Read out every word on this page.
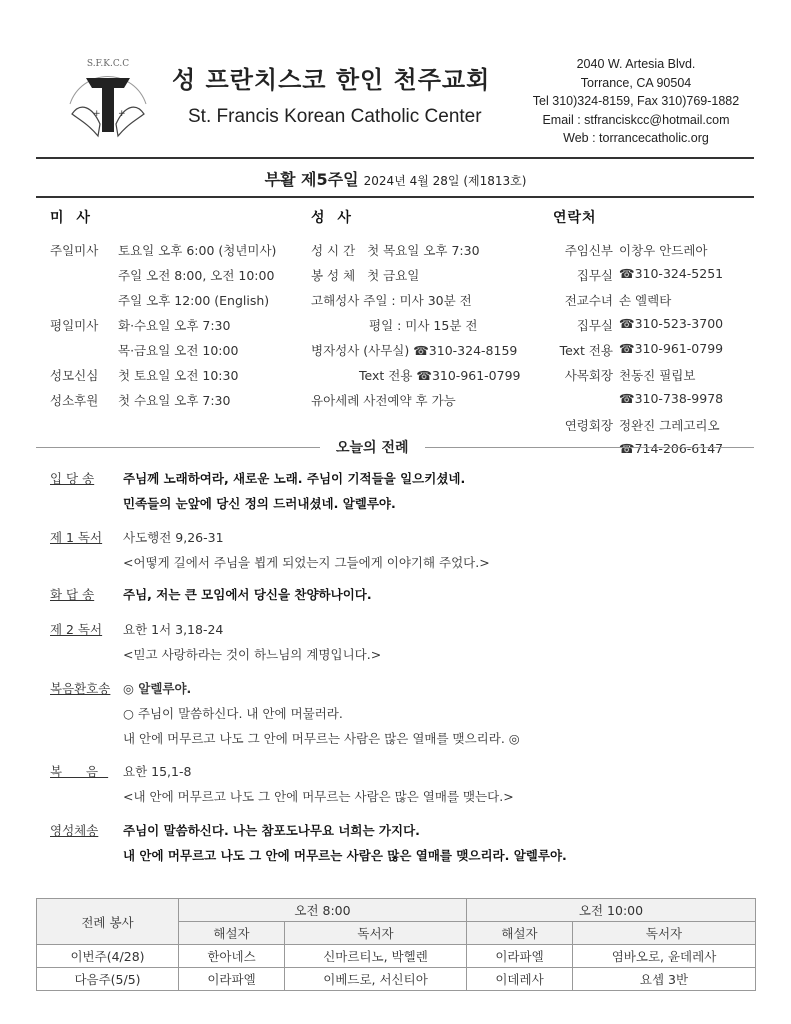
S.F.K.C.C
+ +
성 프란치스코 한인 천주교회
St. Francis Korean Catholic Center
2040 W. Artesia Blvd.
Torrance, CA 90504
Tel 310)324-8159, Fax 310)769-1882
Email : stfranciskcc@hotmail.com
Web : torrancecatholic.org
부활 제5주일 2024년 4월 28일 (제1813호)
미 사
주일미사	토요일 오후 6:00 (청년미사)
주일 오전 8:00, 오전 10:00
주일 오후 12:00 (English)
평일미사	화·수요일 오후 7:30
목·금요일 오전 10:00
성모신심	첫 토요일 오전 10:30
성소후원	첫 수요일 오후 7:30
성 사
성 시 간   첫 목요일 오후 7:30
봉 성 체   첫 금요일
고해성사 주일 : 미사 30분 전
평일 : 미사 15분 전
병자성사 (사무실) ☎310-324-8159
Text 전용 ☎310-961-0799
유아세례 사전예약 후 가능
연락처
주임신부 이창우 안드레아
집무실 ☎310-324-5251
전교수녀 손 엘렉타
집무실 ☎310-523-3700
Text 전용 ☎310-961-0799
사목회장 천동진 필립보
☎310-738-9978
연령회장 정완진 그레고리오
☎714-206-6147
오늘의 전례
입 당 송	주님께 노래하여라, 새로운 노래. 주님이 기적들을 일으키셨네.
민족들의 눈앞에 당신 정의 드러내셨네. 알렐루야.
제 1 독서	사도행전 9,26-31
<어떻게 길에서 주님을 뵙게 되었는지 그들에게 이야기해 주었다.>
화 답 송	주님, 저는 큰 모임에서 당신을 찬양하나이다.
제 2 독서	요한 1서 3,18-24
<믿고 사랑하라는 것이 하느님의 계명입니다.>
복음환호송 ◎ 알렐루야.
○ 주님이 말씀하신다. 내 안에 머물러라.
내 안에 머무르고 나도 그 안에 머무르는 사람은 많은 열매를 맺으리라. ◎
복 음 요한 15,1-8
<내 안에 머무르고 나도 그 안에 머무르는 사람은 많은 열매를 맺는다.>
영성체송	주님이 말씀하신다. 나는 참포도나무요 너희는 가지다.
내 안에 머무르고 나도 그 안에 머무르는 사람은 많은 열매를 맺으리라. 알렐루야.
전례 봉사	오전 8:00		오전 10:00	
	해설자	독서자	해설자	독서자
이번주(4/28)	한아네스	신마르티노, 박헬렌	이라파엘	염바오로, 윤데레사
다음주(5/5)	이라파엘	이베드로, 서신티아	이데레사	요셉 3반
